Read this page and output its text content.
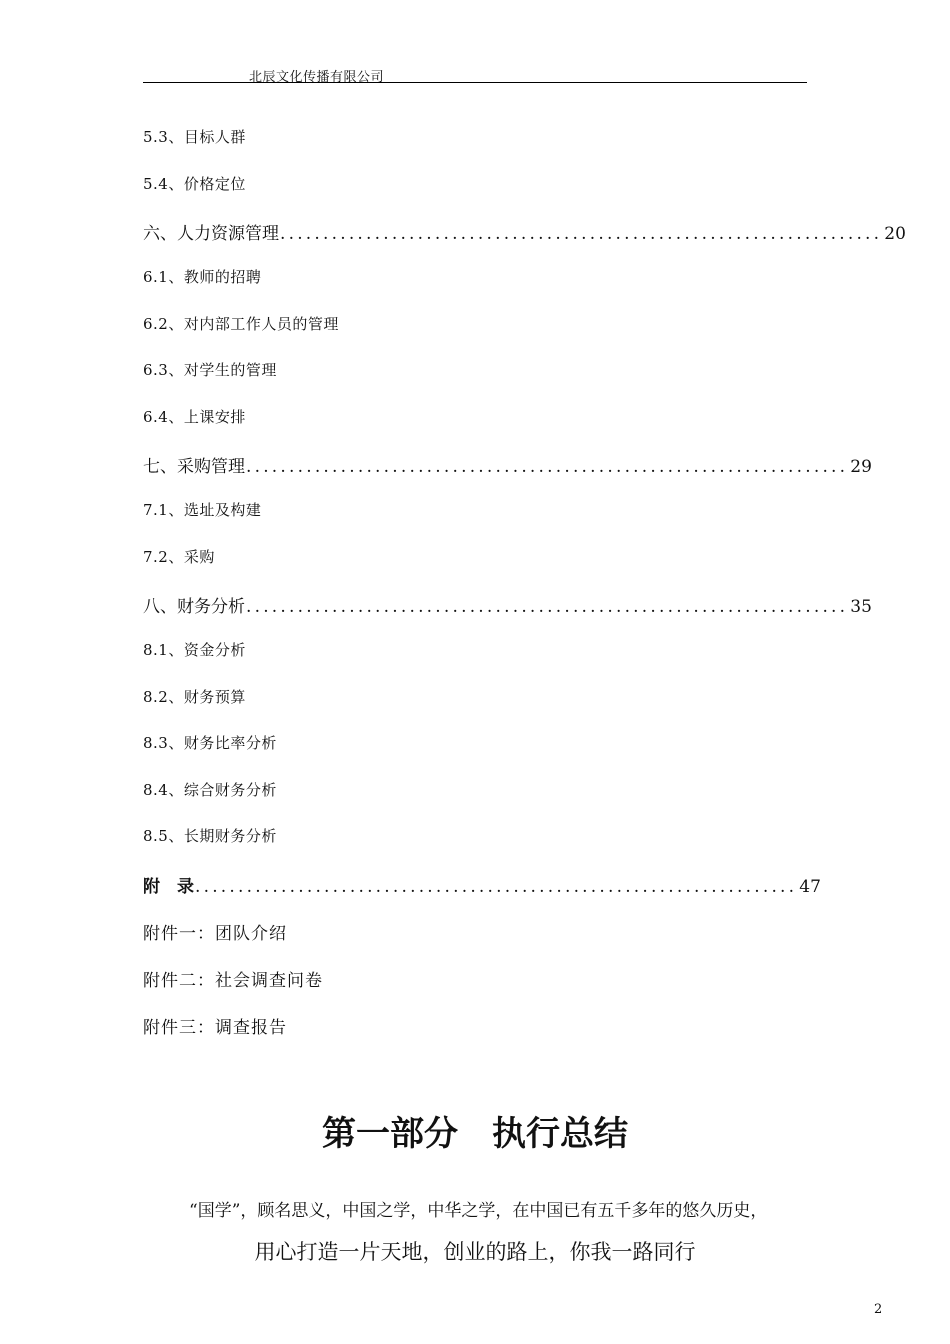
北辰文化传播有限公司
5.3、目标人群
5.4、价格定位
六、人力资源管理 ...................................................................... 20
6.1、教师的招聘
6.2、对内部工作人员的管理
6.3、对学生的管理
6.4、上课安排
七、采购管理 ...................................................................... 29
7.1、选址及构建
7.2、采购
八、财务分析 ...................................................................... 35
8.1、资金分析
8.2、财务预算
8.3、财务比率分析
8.4、综合财务分析
8.5、长期财务分析
附　录 ...................................................................... 47
附件一：团队介绍
附件二：社会调查问卷
附件三：调查报告
第一部分　执行总结
“国学”，顾名思义，中国之学，中华之学，在中国已有五千多年的悠久历史，
用心打造一片天地，创业的路上，你我一路同行
2
